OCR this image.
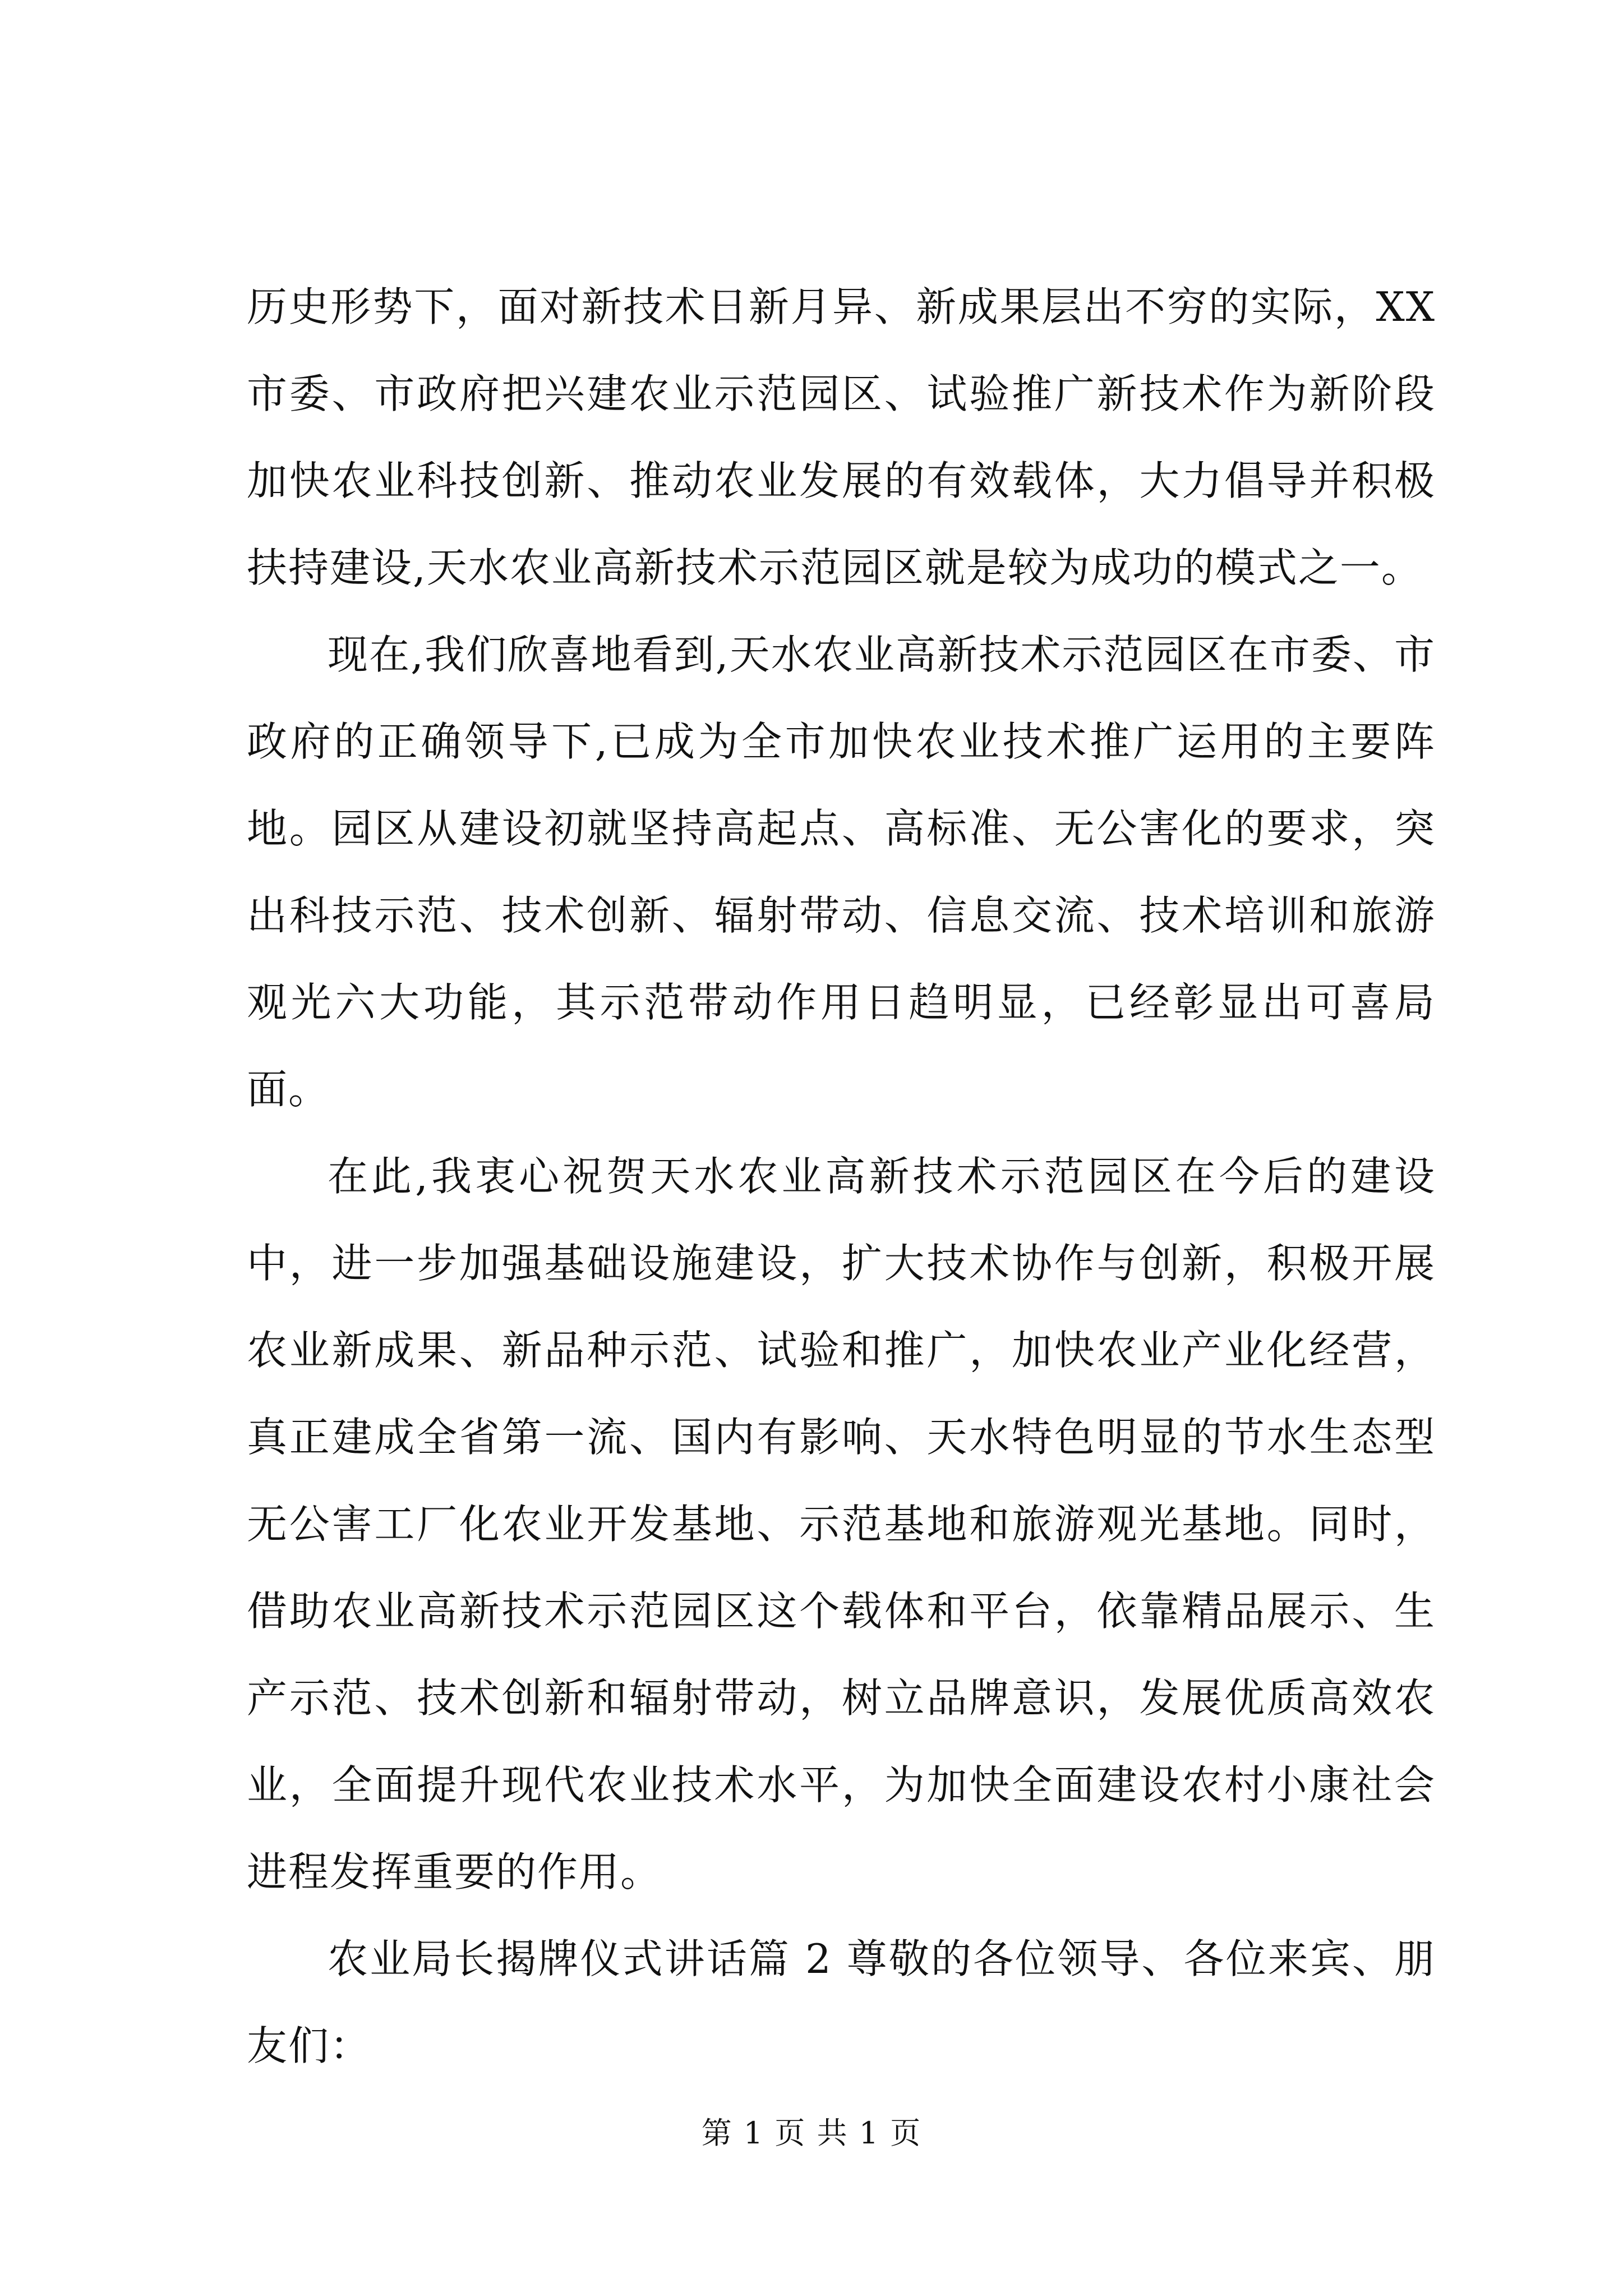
历史形势下，面对新技术日新月异、新成果层出不穷的实际，XX市委、市政府把兴建农业示范园区、试验推广新技术作为新阶段加快农业科技创新、推动农业发展的有效载体，大力倡导并积极扶持建设,天水农业高新技术示范园区就是较为成功的模式之一。

现在,我们欣喜地看到,天水农业高新技术示范园区在市委、市政府的正确领导下,已成为全市加快农业技术推广运用的主要阵地。园区从建设初就坚持高起点、高标准、无公害化的要求，突出科技示范、技术创新、辐射带动、信息交流、技术培训和旅游观光六大功能，其示范带动作用日趋明显，已经彰显出可喜局面。

在此,我衷心祝贺天水农业高新技术示范园区在今后的建设中，进一步加强基础设施建设，扩大技术协作与创新，积极开展农业新成果、新品种示范、试验和推广，加快农业产业化经营，真正建成全省第一流、国内有影响、天水特色明显的节水生态型无公害工厂化农业开发基地、示范基地和旅游观光基地。同时，借助农业高新技术示范园区这个载体和平台，依靠精品展示、生产示范、技术创新和辐射带动，树立品牌意识，发展优质高效农业，全面提升现代农业技术水平，为加快全面建设农村小康社会进程发挥重要的作用。

农业局长揭牌仪式讲话篇 2 尊敬的各位领导、各位来宾、朋友们：

第 1 页 共 1 页
